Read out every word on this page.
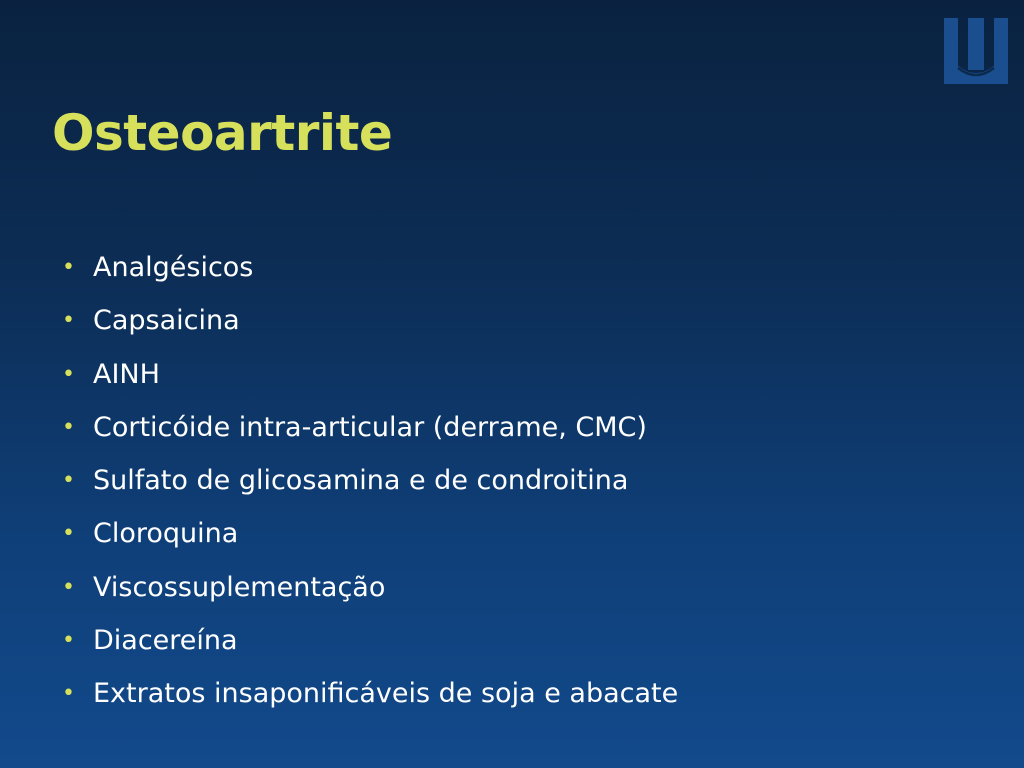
Osteoartrite
• Analgésicos
• Capsaicina
• AINH
• Corticóide intra-articular (derrame, CMC)
• Sulfato de glicosamina e de condroitina
• Cloroquina
• Viscossuplementação
• Diacereína
• Extratos insaponificáveis de soja e abacate
